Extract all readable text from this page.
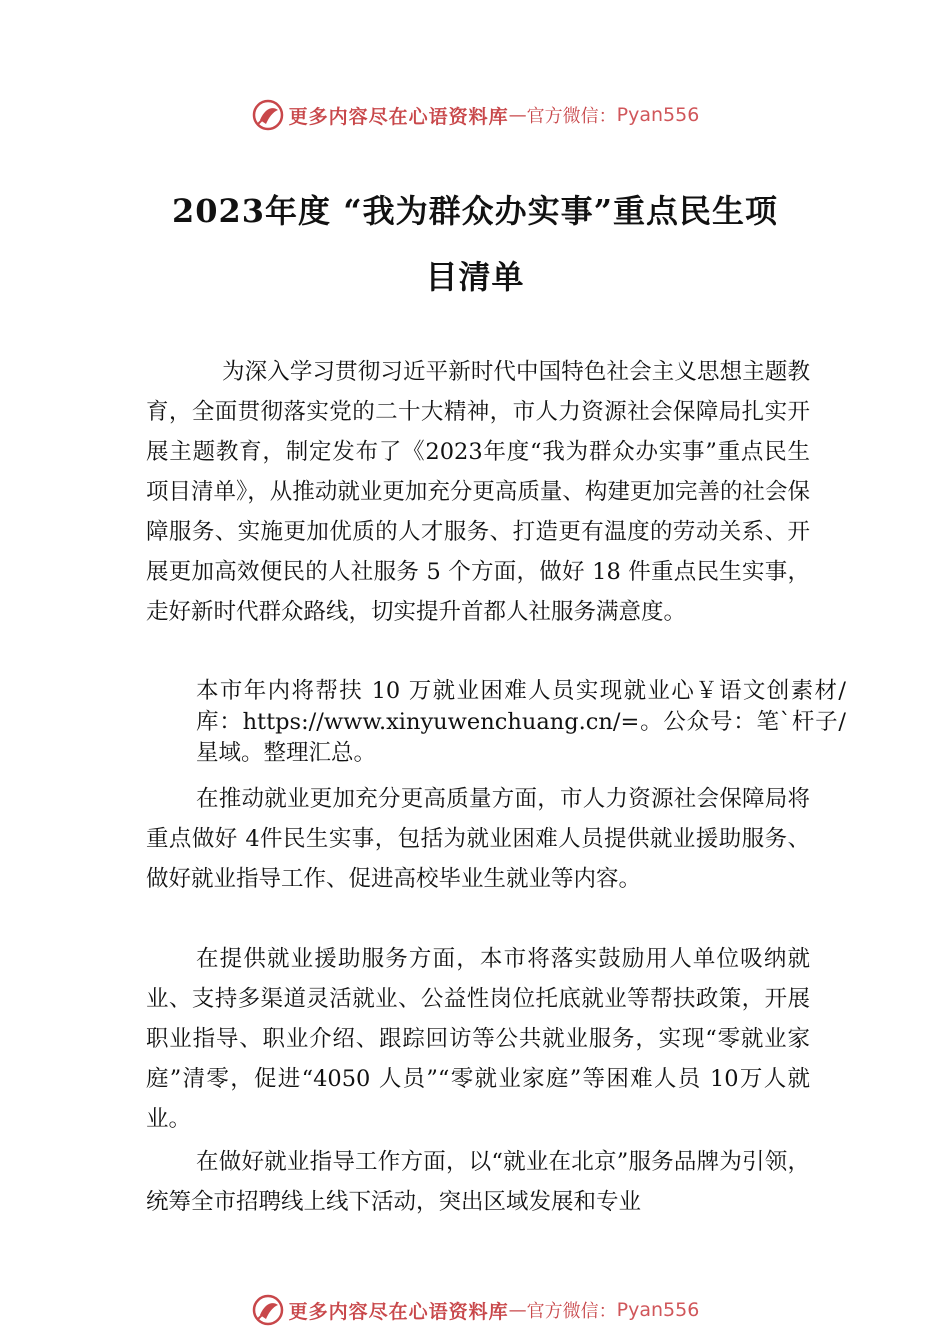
更多内容尽在心语资料库 — 官方微信： Pyan556
2023年度 “我为群众办实事”重点民生项
目清单

为深入学习贯彻习近平新时代中国特色社会主义思想主题教育，全面贯彻落实党的二十大精神，市人力资源社会保障局扎实开展主题教育，制定发布了《2023年度“我为群众办实事”重点民生项目清单》，从推动就业更加充分更高质量、构建更加完善的社会保障服务、实施更加优质的人才服务、打造更有温度的劳动关系、开展更加高效便民的人社服务 5 个方面，做好 18 件重点民生实事，走好新时代群众路线，切实提升首都人社服务满意度。

本市年内将帮扶 10 万就业困难人员实现就业心￥语文创素材/库：https://www.xinyuwenchuang.cn/=。公众号：笔`杆子/星域。整理汇总。

在推动就业更加充分更高质量方面，市人力资源社会保障局将重点做好 4件民生实事，包括为就业困难人员提供就业援助服务、做好就业指导工作、促进高校毕业生就业等内容。

在提供就业援助服务方面，本市将落实鼓励用人单位吸纳就业、支持多渠道灵活就业、公益性岗位托底就业等帮扶政策，开展职业指导、职业介绍、跟踪回访等公共就业服务，实现“零就业家庭”清零，促进“4050 人员”“零就业家庭”等困难人员 10万人就业。

在做好就业指导工作方面，以“就业在北京”服务品牌为引领，统筹全市招聘线上线下活动，突出区域发展和专业

更多内容尽在心语资料库 — 官方微信： Pyan556
